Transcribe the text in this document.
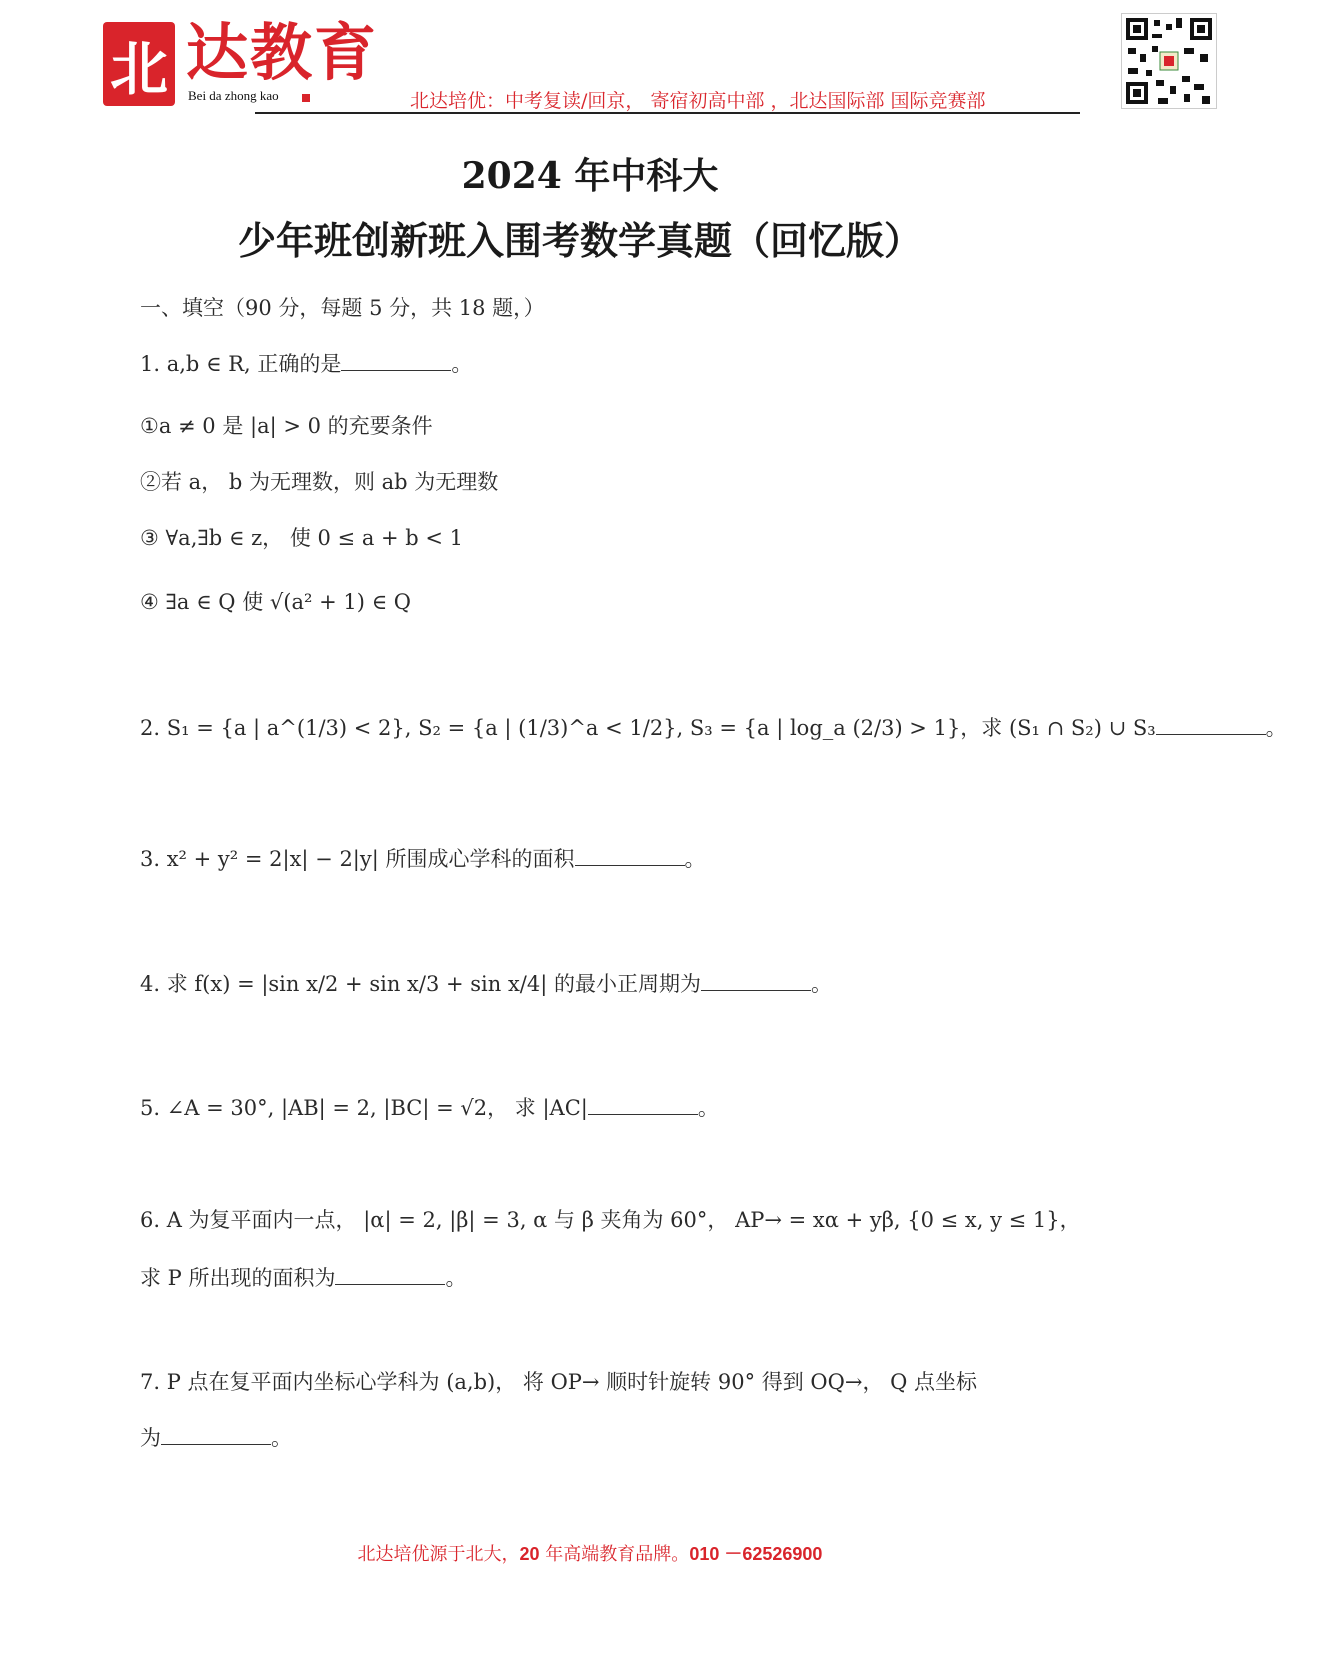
北 达教育
Bei da zhong kao	北达培优：中考复读/回京， 寄宿初高中部 ，北达国际部 国际竞赛部
2024 年中科大
少年班创新班入围考数学真题（回忆版）
一、填空（90 分，每题 5 分，共 18 题，）
1. a,b ∈ R, 正确的是	。
①a ≠ 0 是 |a| > 0 的充要条件
②若 a， b 为无理数，则 ab 为无理数
③ ∀a,∃b ∈ z， 使 0 ≤ a + b < 1
④ ∃a ∈ Q 使 √(a² + 1) ∈ Q
2. S₁ = {a | a^(1/3) < 2}, S₂ = {a | (1/3)^a < 1/2}, S₃ = {a | log_a (2/3) > 1}，求 (S₁ ∩ S₂) ∪ S₃	。
3. x² + y² = 2|x| − 2|y| 所围成心学科的面积	。
4. 求 f(x) = |sin x/2 + sin x/3 + sin x/4| 的最小正周期为	。
5. ∠A = 30°, |AB| = 2, |BC| = √2， 求 |AC|	。
6. A 为复平面内一点， |α| = 2, |β| = 3, α 与 β 夹角为 60°， AP→ = xα + yβ, {0 ≤ x, y ≤ 1}，
求 P 所出现的面积为	。
7. P 点在复平面内坐标心学科为 (a,b)， 将 OP→ 顺时针旋转 90° 得到 OQ→， Q 点坐标
为	。
北达培优源于北大，20 年高端教育品牌。010 －62526900
